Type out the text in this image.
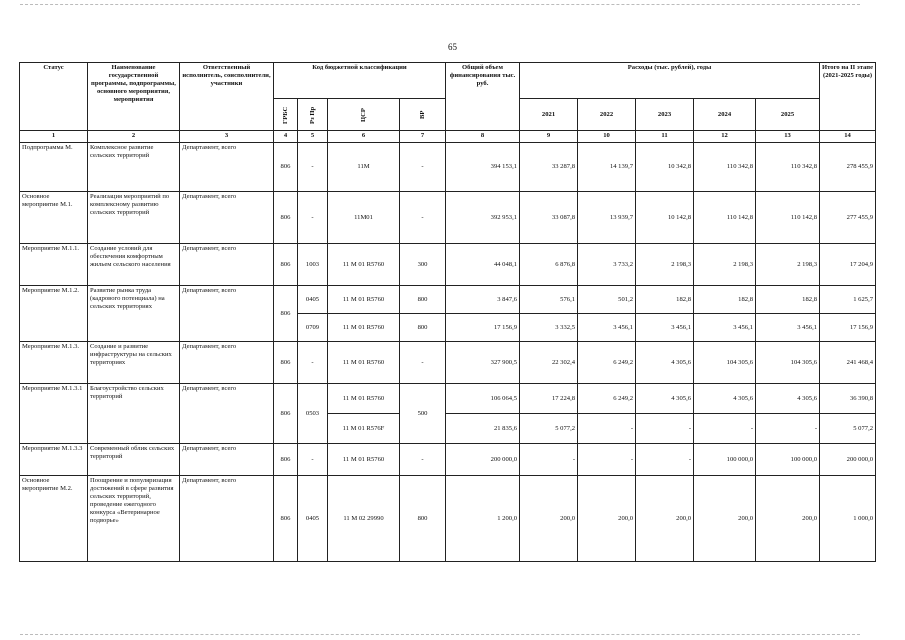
65
Статус	Наименование государственной программы, подпрограммы, основного мероприятия, мероприятия	Ответственный исполнитель, соисполнители, участники	Код бюджетной классификации				Общий объем финансирования тыс. руб.	Расходы (тыс. рублей), годы					Итого на II этапе (2021-2025 годы)
			ГРБС	Рз Пр	ЦСР	ВР		2021	2022	2023	2024	2025	
1	2	3	4	5	6	7	8	9	10	11	12	13	14
Подпрограмма М.	Комплексное развитие сельских территорий	Департамент, всего	806	-	11М	-	394 153,1	33 287,8	14 139,7	10 342,8	110 342,8	110 342,8	278 455,9
Основное мероприятие М.1.	Реализация мероприятий по комплексному развитию сельских территорий	Департамент, всего	806	-	11М01	-	392 953,1	33 087,8	13 939,7	10 142,8	110 142,8	110 142,8	277 455,9
Мероприятие М.1.1.	Создание условий для обеспечения комфортным жильем сельского населения	Департамент, всего	806	1003	11 М 01 R5760	300	44 048,1	6 876,8	3 733,2	2 198,3	2 198,3	2 198,3	17 204,9
Мероприятие М.1.2.	Развитие рынка труда (кадрового потенциала) на сельских территориях	Департамент, всего	806	0405	11 М 01 R5760	800	3 847,6	576,1	501,2	182,8	182,8	182,8	1 625,7
				0709	11 М 01 R5760	800	17 156,9	3 332,5	3 456,1	3 456,1	3 456,1	3 456,1	17 156,9
Мероприятие М.1.3.	Создание и развитие инфраструктуры на сельских территориях	Департамент, всего	806	-	11 М 01 R5760	-	327 900,5	22 302,4	6 249,2	4 305,6	104 305,6	104 305,6	241 468,4
Мероприятие М.1.3.1	Благоустройство сельских территорий	Департамент, всего	806	0503	11 М 01 R5760	500	106 064,5	17 224,8	6 249,2	4 305,6	4 305,6	4 305,6	36 390,8
					11 М 01 R576F		21 835,6	5 077,2	-	-	-	-	5 077,2
Мероприятие М.1.3.3	Современный облик сельских территорий	Департамент, всего	806	-	11 М 01 R5760	-	200 000,0	-	-	-	100 000,0	100 000,0	200 000,0
Основное мероприятие М.2.	Поощрение и популяризация достижений в сфере развития сельских территорий, проведение ежегодного конкурса «Ветеринарное подворье»	Департамент, всего	806	0405	11 М 02 29990	800	1 200,0	200,0	200,0	200,0	200,0	200,0	1 000,0
